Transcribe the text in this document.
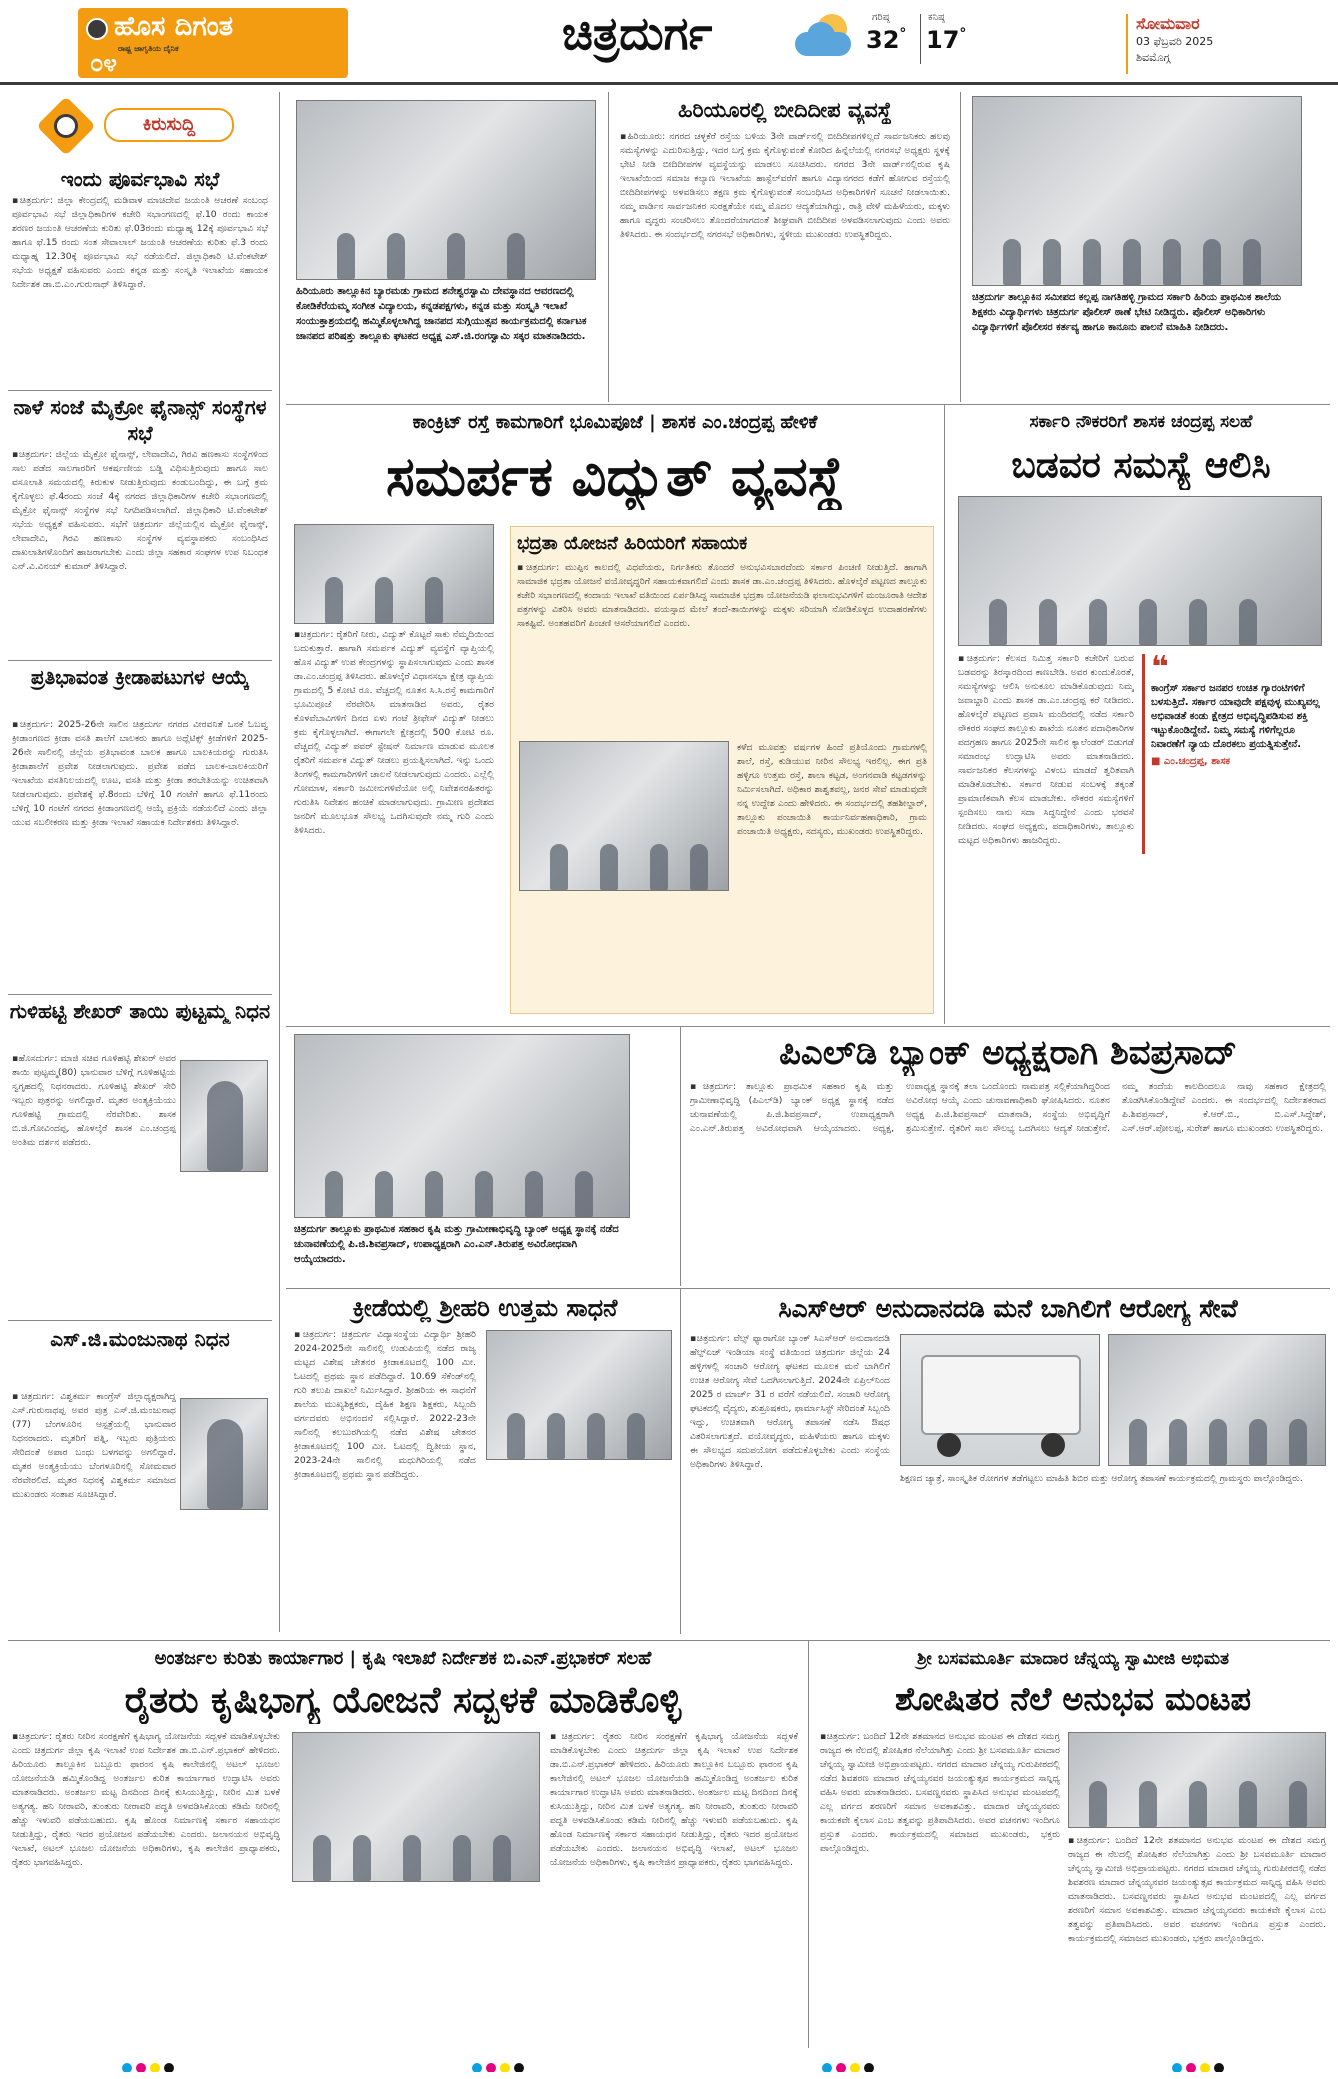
ಹೊಸ ದಿಗಂತ
ರಾಷ್ಟ್ರ ಜಾಗೃತಿಯ ದೈನಿಕ
೦೪
ಚಿತ್ರದುರ್ಗ	ಗರಿಷ್ಠ
32°
ಕನಿಷ್ಠ
17°
ಸೋಮವಾರ
03 ಫೆಬ್ರವರಿ 2025
ಶಿವಮೊಗ್ಗ
ಕಿರುಸುದ್ದಿ
ಇಂದು ಪೂರ್ವಭಾವಿ ಸಭೆ
▪ಚಿತ್ರದುರ್ಗ: ಜಿಲ್ಲಾ ಕೇಂದ್ರದಲ್ಲಿ ಮಡಿವಾಳ ಮಾಚಿದೇವ ಜಯಂತಿ ಆಚರಣೆ ಸಂಬಂಧ ಪೂರ್ವಭಾವಿ ಸಭೆ ಜಿಲ್ಲಾಧಿಕಾರಿಗಳ ಕಚೇರಿ ಸಭಾಂಗಣದಲ್ಲಿ ಫೆ.10 ರಂದು ಕಾಯಕ ಶರಣರ ಜಯಂತಿ ಆಚರಣೆಯ ಕುರಿತು ಫೆ.03ರಂದು ಮಧ್ಯಾಹ್ನ 12ಕ್ಕೆ ಪೂರ್ವಭಾವಿ ಸಭೆ ಹಾಗೂ ಫೆ.15 ರಂದು ಸಂತ ಸೇವಾಲಾಲ್ ಜಯಂತಿ ಆಚರಣೆಯ ಕುರಿತು ಫೆ.3 ರಂದು ಮಧ್ಯಾಹ್ನ 12.30ಕ್ಕೆ ಪೂರ್ವಭಾವಿ ಸಭೆ ನಡೆಯಲಿದೆ. ಜಿಲ್ಲಾಧಿಕಾರಿ ಟಿ.ವೆಂಕಟೇಶ್ ಸಭೆಯ ಅಧ್ಯಕ್ಷತೆ ವಹಿಸುವರು ಎಂದು ಕನ್ನಡ ಮತ್ತು ಸಂಸ್ಕೃತಿ ಇಲಾಖೆಯ ಸಹಾಯಕ ನಿರ್ದೇಶಕ ಡಾ.ಬಿ.ಎಂ.ಗುರುನಾಥ್ ತಿಳಿಸಿದ್ದಾರೆ.
ನಾಳೆ ಸಂಜೆ ಮೈಕ್ರೋ ಫೈನಾನ್ಸ್ ಸಂಸ್ಥೆಗಳ ಸಭೆ
▪ಚಿತ್ರದುರ್ಗ: ಜಿಲ್ಲೆಯ ಮೈಕ್ರೋ ಫೈನಾನ್ಸ್, ಲೇವಾದೇವಿ, ಗಿರವಿ ಹಣಕಾಸು ಸಂಸ್ಥೆಗಳಿಂದ ಸಾಲ ಪಡೆದ ಸಾಲಗಾರರಿಗೆ ಆಕರ್ಷಣೀಯ ಬಡ್ಡಿ ವಿಧಿಸುತ್ತಿರುವುದು ಹಾಗೂ ಸಾಲ ವಸೂಲಾತಿ ಸಮಯದಲ್ಲಿ ಕಿರುಕುಳ ನೀಡುತ್ತಿರುವುದು ಕಂಡುಬಂದಿದ್ದು, ಈ ಬಗ್ಗೆ ಕ್ರಮ ಕೈಗೊಳ್ಳಲು ಫೆ.4ರಂದು ಸಂಜೆ 4ಕ್ಕೆ ನಗರದ ಜಿಲ್ಲಾಧಿಕಾರಿಗಳ ಕಚೇರಿ ಸಭಾಂಗಣದಲ್ಲಿ ಮೈಕ್ರೋ ಫೈನಾನ್ಸ್ ಸಂಸ್ಥೆಗಳ ಸಭೆ ನಿಗದಿಪಡಿಸಲಾಗಿದೆ. ಜಿಲ್ಲಾಧಿಕಾರಿ ಟಿ.ವೆಂಕಟೇಶ್ ಸಭೆಯ ಅಧ್ಯಕ್ಷತೆ ವಹಿಸುವರು. ಸಭೆಗೆ ಚಿತ್ರದುರ್ಗ ಜಿಲ್ಲೆಯಲ್ಲಿನ ಮೈಕ್ರೋ ಫೈನಾನ್ಸ್, ಲೇವಾದೇವಿ, ಗಿರವಿ ಹಣಕಾಸು ಸಂಸ್ಥೆಗಳ ವ್ಯವಸ್ಥಾಪಕರು ಸಂಬಂಧಿಸಿದ ದಾಖಲಾತಿಗಳೊಂದಿಗೆ ಹಾಜರಾಗಬೇಕು ಎಂದು ಜಿಲ್ಲಾ ಸಹಕಾರ ಸಂಘಗಳ ಉಪ ನಿಬಂಧಕ ಎನ್.ವಿ.ವಿನಯ್ ಕುಮಾರ್ ತಿಳಿಸಿದ್ದಾರೆ.
ಪ್ರತಿಭಾವಂತ ಕ್ರೀಡಾಪಟುಗಳ ಆಯ್ಕೆ
▪ಚಿತ್ರದುರ್ಗ: 2025-26ನೇ ಸಾಲಿನ ಚಿತ್ರದುರ್ಗ ನಗರದ ವೀರವನಿತೆ ಒನಕೆ ಓಬವ್ವ ಕ್ರೀಡಾಂಗಣದ ಕ್ರೀಡಾ ವಸತಿ ಶಾಲೆಗೆ ಬಾಲಕರು ಹಾಗೂ ಅಥ್ಲೆಟಿಕ್ಸ್ ಕ್ರೀಡೆಗಳಿಗೆ 2025-26ನೇ ಸಾಲಿನಲ್ಲಿ ಜಿಲ್ಲೆಯ ಪ್ರತಿಭಾವಂತ ಬಾಲಕ ಹಾಗೂ ಬಾಲಕಿಯರನ್ನು ಗುರುತಿಸಿ ಕ್ರೀಡಾಶಾಲೆಗೆ ಪ್ರವೇಶ ನೀಡಲಾಗುವುದು. ಪ್ರವೇಶ ಪಡೆದ ಬಾಲಕ-ಬಾಲಕಿಯರಿಗೆ ಇಲಾಖೆಯ ವಸತಿನಿಲಯದಲ್ಲಿ ಊಟ, ವಸತಿ ಮತ್ತು ಕ್ರೀಡಾ ತರಬೇತಿಯನ್ನು ಉಚಿತವಾಗಿ ನೀಡಲಾಗುವುದು. ಪ್ರವೇಶಕ್ಕೆ ಫೆ.8ರಂದು ಬೆಳಿಗ್ಗೆ 10 ಗಂಟೆಗೆ ಹಾಗೂ ಫೆ.11ರಂದು ಬೆಳಿಗ್ಗೆ 10 ಗಂಟೆಗೆ ನಗರದ ಕ್ರೀಡಾಂಗಣದಲ್ಲಿ ಆಯ್ಕೆ ಪ್ರಕ್ರಿಯೆ ನಡೆಯಲಿದೆ ಎಂದು ಜಿಲ್ಲಾ ಯುವ ಸಬಲೀಕರಣ ಮತ್ತು ಕ್ರೀಡಾ ಇಲಾಖೆ ಸಹಾಯಕ ನಿರ್ದೇಶಕರು ತಿಳಿಸಿದ್ದಾರೆ.
ಗುಳಿಹಟ್ಟಿ ಶೇಖರ್ ತಾಯಿ ಪುಟ್ಟಮ್ಮ ನಿಧನ
▪ಹೊಸದುರ್ಗ: ಮಾಜಿ ಸಚಿವ ಗೂಳಿಹಟ್ಟಿ ಶೇಖರ್ ಅವರ ತಾಯಿ ಪುಟ್ಟಮ್ಮ(80) ಭಾನುವಾರ ಬೆಳಿಗ್ಗೆ ಗೂಳಿಹಟ್ಟಿಯ ಸ್ವಗೃಹದಲ್ಲಿ ನಿಧನರಾದರು. ಗೂಳಿಹಟ್ಟಿ ಶೇಖರ್ ಸೇರಿ ಇಬ್ಬರು ಪುತ್ರರನ್ನು ಅಗಲಿದ್ದಾರೆ. ಮೃತರ ಅಂತ್ಯಕ್ರಿಯೆಯು ಗೂಳಿಹಟ್ಟಿ ಗ್ರಾಮದಲ್ಲಿ ನೆರವೇರಿತು. ಶಾಸಕ ಬಿ.ಜಿ.ಗೋವಿಂದಪ್ಪ, ಹೊಳಲ್ಕೆರೆ ಶಾಸಕ ಎಂ.ಚಂದ್ರಪ್ಪ ಅಂತಿಮ ದರ್ಶನ ಪಡೆದರು.
ಎಸ್.ಜಿ.ಮಂಜುನಾಥ ನಿಧನ
▪ಚಿತ್ರದುರ್ಗ: ವಿಶ್ವಕರ್ಮ ಕಾಂಗ್ರೆಸ್ ಜಿಲ್ಲಾಧ್ಯಕ್ಷರಾಗಿದ್ದ ಎಸ್.ಗುರುನಾಥಪ್ಪ ಅವರ ಪುತ್ರ ಎಸ್.ಜಿ.ಮಂಜುನಾಥ (77) ಬೆಂಗಳೂರಿನ ಆಸ್ಪತ್ರೆಯಲ್ಲಿ ಭಾನುವಾರ ನಿಧನರಾದರು. ಮೃತರಿಗೆ ಪತ್ನಿ, ಇಬ್ಬರು ಪುತ್ರಿಯರು ಸೇರಿದಂತೆ ಅಪಾರ ಬಂಧು ಬಳಗವನ್ನು ಅಗಲಿದ್ದಾರೆ. ಮೃತರ ಅಂತ್ಯಕ್ರಿಯೆಯು ಬೆಂಗಳೂರಿನಲ್ಲಿ ಸೋಮವಾರ ನೆರವೇರಲಿದೆ. ಮೃತರ ನಿಧನಕ್ಕೆ ವಿಶ್ವಕರ್ಮ ಸಮಾಜದ ಮುಖಂಡರು ಸಂತಾಪ ಸೂಚಿಸಿದ್ದಾರೆ.
ಹಿರಿಯೂರು ತಾಲ್ಲೂಕಿನ ಬ್ಯಾರಮಡು ಗ್ರಾಮದ ಶನೇಶ್ವರಸ್ವಾಮಿ ದೇವಸ್ಥಾನದ ಆವರಣದಲ್ಲಿ ಕೋಡಿಕೆರೆಯಮ್ಮ ಸಂಗೀತ ವಿದ್ಯಾಲಯ, ಕನ್ನಡಪಕ್ಷಗಳು, ಕನ್ನಡ ಮತ್ತು ಸಂಸ್ಕೃತಿ ಇಲಾಖೆ ಸಂಯುಕ್ತಾಶ್ರಯದಲ್ಲಿ ಹಮ್ಮಿಕೊಳ್ಳಲಾಗಿದ್ದ ಜಾನಪದ ಸುಗ್ಗಿಯುತ್ಸವ ಕಾರ್ಯಕ್ರಮದಲ್ಲಿ ಕರ್ನಾಟಕ ಜಾನಪದ ಪರಿಷತ್ತು ತಾಲ್ಲೂಕು ಘಟಕದ ಅಧ್ಯಕ್ಷ ಎಸ್.ಜಿ.ರಂಗಸ್ವಾಮಿ ಸಕ್ಕರ ಮಾತನಾಡಿದರು.
ಹಿರಿಯೂರಲ್ಲಿ ಬೀದಿದೀಪ ವ್ಯವಸ್ಥೆ
▪ಹಿರಿಯೂರು: ನಗರದ ಚಳ್ಳಕೆರೆ ರಸ್ತೆಯ ಬಳಿಯ 3ನೇ ವಾರ್ಡ್‌ನಲ್ಲಿ ಬೀದಿದೀಪಗಳಿಲ್ಲದೆ ಸಾರ್ವಜನಿಕರು ಹಲವು ಸಮಸ್ಯೆಗಳನ್ನು ಎದುರಿಸುತ್ತಿದ್ದು, ಇದರ ಬಗ್ಗೆ ಕ್ರಮ ಕೈಗೊಳ್ಳುವಂತೆ ಕೋರಿದ ಹಿನ್ನೆಲೆಯಲ್ಲಿ ನಗರಸಭೆ ಅಧ್ಯಕ್ಷರು ಸ್ಥಳಕ್ಕೆ ಭೇಟಿ ನೀಡಿ ಬೀದಿದೀಪಗಳ ವ್ಯವಸ್ಥೆಯನ್ನು ಮಾಡಲು ಸೂಚಿಸಿದರು. ನಗರದ 3ನೇ ವಾರ್ಡ್‌ನಲ್ಲಿರುವ ಕೃಷಿ ಇಲಾಖೆಯಿಂದ ಸಮಾಜ ಕಲ್ಯಾಣ ಇಲಾಖೆಯ ಹಾಸ್ಟೆಲ್‌ವರೆಗೆ ಹಾಗೂ ವಿದ್ಯಾನಗರದ ಕಡೆಗೆ ಹೋಗುವ ರಸ್ತೆಯಲ್ಲಿ ಬೀದಿದೀಪಗಳನ್ನು ಅಳವಡಿಸಲು ತಕ್ಷಣ ಕ್ರಮ ಕೈಗೊಳ್ಳುವಂತೆ ಸಂಬಂಧಿಸಿದ ಅಧಿಕಾರಿಗಳಿಗೆ ಸೂಚನೆ ನೀಡಲಾಯಿತು. ನಮ್ಮ ವಾರ್ಡಿನ ಸಾರ್ವಜನಿಕರ ಸುರಕ್ಷತೆಯೇ ನಮ್ಮ ಮೊದಲ ಆದ್ಯತೆಯಾಗಿದ್ದು, ರಾತ್ರಿ ವೇಳೆ ಮಹಿಳೆಯರು, ಮಕ್ಕಳು ಹಾಗೂ ವೃದ್ಧರು ಸಂಚರಿಸಲು ತೊಂದರೆಯಾಗದಂತೆ ಶೀಘ್ರವಾಗಿ ಬೀದಿದೀಪ ಅಳವಡಿಸಲಾಗುವುದು ಎಂದು ಅವರು ತಿಳಿಸಿದರು. ಈ ಸಂದರ್ಭದಲ್ಲಿ ನಗರಸಭೆ ಅಧಿಕಾರಿಗಳು, ಸ್ಥಳೀಯ ಮುಖಂಡರು ಉಪಸ್ಥಿತರಿದ್ದರು.
ಚಿತ್ರದುರ್ಗ ತಾಲ್ಲೂಕಿನ ಸಮೀಪದ ಕಲ್ಲಪ್ಪ ನಾಗತಿಹಳ್ಳಿ ಗ್ರಾಮದ ಸರ್ಕಾರಿ ಹಿರಿಯ ಪ್ರಾಥಮಿಕ ಶಾಲೆಯ ಶಿಕ್ಷಕರು ವಿದ್ಯಾರ್ಥಿಗಳು ಚಿತ್ರದುರ್ಗ ಪೊಲೀಸ್ ಠಾಣೆ ಭೇಟಿ ನೀಡಿದ್ದರು. ಪೊಲೀಸ್ ಅಧಿಕಾರಿಗಳು ವಿದ್ಯಾರ್ಥಿಗಳಿಗೆ ಪೊಲೀಸರ ಕರ್ತವ್ಯ ಹಾಗೂ ಕಾನೂನು ಪಾಲನೆ ಮಾಹಿತಿ ನೀಡಿದರು.
ಕಾಂಕ್ರಿಟ್ ರಸ್ತೆ ಕಾಮಗಾರಿಗೆ ಭೂಮಿಪೂಜೆ | ಶಾಸಕ ಎಂ.ಚಂದ್ರಪ್ಪ ಹೇಳಿಕೆ
ಸಮರ್ಪಕ ವಿದ್ಯುತ್ ವ್ಯವಸ್ಥೆ
▪ಚಿತ್ರದುರ್ಗ: ರೈತರಿಗೆ ನೀರು, ವಿದ್ಯುತ್ ಕೊಟ್ಟರೆ ಸಾಕು ನೆಮ್ಮದಿಯಿಂದ ಬದುಕುತ್ತಾರೆ. ಹಾಗಾಗಿ ಸಮರ್ಪಕ ವಿದ್ಯುತ್ ವ್ಯವಸ್ಥೆಗೆ ವ್ಯಾಪ್ತಿಯಲ್ಲಿ ಹೊಸ ವಿದ್ಯುತ್ ಉಪ ಕೇಂದ್ರಗಳನ್ನು ಸ್ಥಾಪಿಸಲಾಗುವುದು ಎಂದು ಶಾಸಕ ಡಾ.ಎಂ.ಚಂದ್ರಪ್ಪ ತಿಳಿಸಿದರು. ಹೊಳಲ್ಕೆರೆ ವಿಧಾನಸಭಾ ಕ್ಷೇತ್ರ ವ್ಯಾಪ್ತಿಯ ಗ್ರಾಮದಲ್ಲಿ 5 ಕೋಟಿ ರೂ. ವೆಚ್ಚದಲ್ಲಿ ನೂತನ ಸಿ.ಸಿ.ರಸ್ತೆ ಕಾಮಗಾರಿಗೆ ಭೂಮಿಪೂಜೆ ನೆರವೇರಿಸಿ ಮಾತನಾಡಿದ ಅವರು, ರೈತರ ಕೊಳವೆಬಾವಿಗಳಿಗೆ ದಿನದ ಏಳು ಗಂಟೆ ತ್ರೀಫೇಸ್ ವಿದ್ಯುತ್ ನೀಡಲು ಕ್ರಮ ಕೈಗೊಳ್ಳಲಾಗಿದೆ. ಈಗಾಗಲೇ ಕ್ಷೇತ್ರದಲ್ಲಿ 500 ಕೋಟಿ ರೂ. ವೆಚ್ಚದಲ್ಲಿ ವಿದ್ಯುತ್ ಪವರ್ ಸ್ಟೇಷನ್ ನಿರ್ಮಾಣ ಮಾಡುವ ಮೂಲಕ ರೈತರಿಗೆ ಸಮರ್ಪಕ ವಿದ್ಯುತ್ ನೀಡಲು ಪ್ರಯತ್ನಿಸಲಾಗಿದೆ. ಇನ್ನು ಒಂದು ತಿಂಗಳಲ್ಲಿ ಕಾಮಗಾರಿಗಳಿಗೆ ಚಾಲನೆ ನೀಡಲಾಗುವುದು ಎಂದರು. ಎಲ್ಲೆಲ್ಲಿ ಗೋಮಾಳ, ಸರ್ಕಾರಿ ಜಮೀನುಗಳಿವೆಯೋ ಅಲ್ಲಿ ನಿವೇಶನರಹಿತರನ್ನು ಗುರುತಿಸಿ ನಿವೇಶನ ಹಂಚಿಕೆ ಮಾಡಲಾಗುವುದು. ಗ್ರಾಮೀಣ ಪ್ರದೇಶದ ಜನರಿಗೆ ಮೂಲಭೂತ ಸೌಲಭ್ಯ ಒದಗಿಸುವುದೇ ನಮ್ಮ ಗುರಿ ಎಂದು ತಿಳಿಸಿದರು.
ಭದ್ರತಾ ಯೋಜನೆ ಹಿರಿಯರಿಗೆ ಸಹಾಯಕ
▪ಚಿತ್ರದುರ್ಗ: ಮುಪ್ಪಿನ ಕಾಲದಲ್ಲಿ ವಿಧವೆಯರು, ನಿರ್ಗತಿಕರು ತೊಂದರೆ ಅನುಭವಿಸಬಾರದೆಂದು ಸರ್ಕಾರ ಪಿಂಚಣಿ ನೀಡುತ್ತಿದೆ. ಹಾಗಾಗಿ ಸಾಮಾಜಿಕ ಭದ್ರತಾ ಯೋಜನೆ ವಯೋವೃದ್ಧರಿಗೆ ಸಹಾಯಕವಾಗಲಿದೆ ಎಂದು ಶಾಸಕ ಡಾ.ಎಂ.ಚಂದ್ರಪ್ಪ ತಿಳಿಸಿದರು. ಹೊಳಲ್ಕೆರೆ ಪಟ್ಟಣದ ತಾಲ್ಲೂಕು ಕಚೇರಿ ಸಭಾಂಗಣದಲ್ಲಿ ಕಂದಾಯ ಇಲಾಖೆ ವತಿಯಿಂದ ಏರ್ಪಡಿಸಿದ್ದ ಸಾಮಾಜಿಕ ಭದ್ರತಾ ಯೋಜನೆಯಡಿ ಫಲಾನುಭವಿಗಳಿಗೆ ಮಂಜೂರಾತಿ ಆದೇಶ ಪತ್ರಗಳನ್ನು ವಿತರಿಸಿ ಅವರು ಮಾತನಾಡಿದರು. ವಯಸ್ಸಾದ ಮೇಲೆ ತಂದೆ-ತಾಯಿಗಳನ್ನು ಮಕ್ಕಳು ಸರಿಯಾಗಿ ನೋಡಿಕೊಳ್ಳದ ಉದಾಹರಣೆಗಳು ಸಾಕಷ್ಟಿವೆ. ಅಂತಹವರಿಗೆ ಪಿಂಚಣಿ ಆಸರೆಯಾಗಲಿದೆ ಎಂದರು.
ಕಳೆದ ಮೂವತ್ತು ವರ್ಷಗಳ ಹಿಂದೆ ಪ್ರತಿಯೊಂದು ಗ್ರಾಮಗಳಲ್ಲಿ ಶಾಲೆ, ರಸ್ತೆ, ಕುಡಿಯುವ ನೀರಿನ ಸೌಲಭ್ಯ ಇರಲಿಲ್ಲ. ಈಗ ಪ್ರತಿ ಹಳ್ಳಿಗೂ ಉತ್ತಮ ರಸ್ತೆ, ಶಾಲಾ ಕಟ್ಟಡ, ಅಂಗನವಾಡಿ ಕಟ್ಟಡಗಳನ್ನು ನಿರ್ಮಿಸಲಾಗಿದೆ. ಅಧಿಕಾರ ಶಾಶ್ವತವಲ್ಲ, ಜನರ ಸೇವೆ ಮಾಡುವುದೇ ನನ್ನ ಉದ್ದೇಶ ಎಂದು ಹೇಳಿದರು. ಈ ಸಂದರ್ಭದಲ್ಲಿ ತಹಶೀಲ್ದಾರ್, ತಾಲ್ಲೂಕು ಪಂಚಾಯಿತಿ ಕಾರ್ಯನಿರ್ವಹಣಾಧಿಕಾರಿ, ಗ್ರಾಮ ಪಂಚಾಯಿತಿ ಅಧ್ಯಕ್ಷರು, ಸದಸ್ಯರು, ಮುಖಂಡರು ಉಪಸ್ಥಿತರಿದ್ದರು.
ಸರ್ಕಾರಿ ನೌಕರರಿಗೆ ಶಾಸಕ ಚಂದ್ರಪ್ಪ ಸಲಹೆ
ಬಡವರ ಸಮಸ್ಯೆ ಆಲಿಸಿ
▪ಚಿತ್ರದುರ್ಗ: ಕೆಲಸದ ನಿಮಿತ್ತ ಸರ್ಕಾರಿ ಕಚೇರಿಗೆ ಬರುವ ಬಡವರನ್ನು ತಿರಸ್ಕಾರದಿಂದ ಕಾಣಬೇಡಿ. ಅವರ ಕುಂದುಕೊರತೆ, ಸಮಸ್ಯೆಗಳನ್ನು ಆಲಿಸಿ ಅನುಕೂಲ ಮಾಡಿಕೊಡುವುದು ನಿಮ್ಮ ಜವಾಬ್ದಾರಿ ಎಂದು ಶಾಸಕ ಡಾ.ಎಂ.ಚಂದ್ರಪ್ಪ ಕರೆ ನೀಡಿದರು. ಹೊಳಲ್ಕೆರೆ ಪಟ್ಟಣದ ಪ್ರವಾಸಿ ಮಂದಿರದಲ್ಲಿ ನಡೆದ ಸರ್ಕಾರಿ ನೌಕರರ ಸಂಘದ ತಾಲ್ಲೂಕು ಶಾಖೆಯ ನೂತನ ಪದಾಧಿಕಾರಿಗಳ ಪದಗ್ರಹಣ ಹಾಗೂ 2025ನೇ ಸಾಲಿನ ಕ್ಯಾಲೆಂಡರ್ ಬಿಡುಗಡೆ ಸಮಾರಂಭ ಉದ್ಘಾಟಿಸಿ ಅವರು ಮಾತನಾಡಿದರು. ಸಾರ್ವಜನಿಕರ ಕೆಲಸಗಳನ್ನು ವಿಳಂಬ ಮಾಡದೆ ತ್ವರಿತವಾಗಿ ಮಾಡಿಕೊಡಬೇಕು. ಸರ್ಕಾರ ನೀಡುವ ಸಂಬಳಕ್ಕೆ ತಕ್ಕಂತೆ ಪ್ರಾಮಾಣಿಕವಾಗಿ ಕೆಲಸ ಮಾಡಬೇಕು. ನೌಕರರ ಸಮಸ್ಯೆಗಳಿಗೆ ಸ್ಪಂದಿಸಲು ನಾನು ಸದಾ ಸಿದ್ಧನಿದ್ದೇನೆ ಎಂದು ಭರವಸೆ ನೀಡಿದರು. ಸಂಘದ ಅಧ್ಯಕ್ಷರು, ಪದಾಧಿಕಾರಿಗಳು, ತಾಲ್ಲೂಕು ಮಟ್ಟದ ಅಧಿಕಾರಿಗಳು ಹಾಜರಿದ್ದರು.
❝
ಕಾಂಗ್ರೆಸ್ ಸರ್ಕಾರ ಜನಪರ ಉಚಿತ ಗ್ಯಾರಂಟಿಗಳಿಗೆ ಬಳಸುತ್ತಿದೆ. ಸರ್ಕಾರ ಯಾವುದೇ ಪಕ್ಷವುಳ್ಳ ಮುಖ್ಯವಲ್ಲ ಅಭಿವಾಡತೆ ಕಂಡು ಕ್ಷೇತ್ರದ ಅಭಿವೃದ್ಧಿಪಡಿಸುವ ಶಕ್ತಿ ಇಟ್ಟುಕೊಂಡಿದ್ದೇನೆ. ನಿಮ್ಮ ಸಮಸ್ಯೆ ಗಳಿಗೆಲ್ಲರೂ ನಿವಾರಣೆಗೆ ನ್ಯಾಯ ದೊರಕಲು ಪ್ರಯತ್ನಿಸುತ್ತೇನೆ.
■ ಎಂ.ಚಂದ್ರಪ್ಪ, ಶಾಸಕ
ಚಿತ್ರದುರ್ಗ ತಾಲ್ಲೂಕು ಪ್ರಾಥಮಿಕ ಸಹಕಾರ ಕೃಷಿ ಮತ್ತು ಗ್ರಾಮೀಣಾಭಿವೃದ್ಧಿ ಬ್ಯಾಂಕ್ ಅಧ್ಯಕ್ಷ ಸ್ಥಾನಕ್ಕೆ ನಡೆದ ಚುನಾವಣೆಯಲ್ಲಿ ಪಿ.ಜಿ.ಶಿವಪ್ರಸಾದ್, ಉಪಾಧ್ಯಕ್ಷರಾಗಿ ಎಂ.ಎನ್.ತಿರುಪತ್ತ ಅವಿರೋಧವಾಗಿ ಆಯ್ಕೆಯಾದರು.
ಪಿಎಲ್‌ಡಿ ಬ್ಯಾಂಕ್ ಅಧ್ಯಕ್ಷರಾಗಿ ಶಿವಪ್ರಸಾದ್
▪ಚಿತ್ರದುರ್ಗ: ತಾಲ್ಲೂಕು ಪ್ರಾಥಮಿಕ ಸಹಕಾರ ಕೃಷಿ ಮತ್ತು ಗ್ರಾಮೀಣಾಭಿವೃದ್ಧಿ (ಪಿಎಲ್‌ಡಿ) ಬ್ಯಾಂಕ್ ಅಧ್ಯಕ್ಷ ಸ್ಥಾನಕ್ಕೆ ನಡೆದ ಚುನಾವಣೆಯಲ್ಲಿ ಪಿ.ಜಿ.ಶಿವಪ್ರಸಾದ್, ಉಪಾಧ್ಯಕ್ಷರಾಗಿ ಎಂ.ಎನ್.ತಿರುಪತ್ತ ಅವಿರೋಧವಾಗಿ ಆಯ್ಕೆಯಾದರು. ಅಧ್ಯಕ್ಷ, ಉಪಾಧ್ಯಕ್ಷ ಸ್ಥಾನಕ್ಕೆ ತಲಾ ಒಂದೊಂದು ನಾಮಪತ್ರ ಸಲ್ಲಿಕೆಯಾಗಿದ್ದರಿಂದ ಅವಿರೋಧ ಆಯ್ಕೆ ಎಂದು ಚುನಾವಣಾಧಿಕಾರಿ ಘೋಷಿಸಿದರು. ನೂತನ ಅಧ್ಯಕ್ಷ ಪಿ.ಜಿ.ಶಿವಪ್ರಸಾದ್ ಮಾತನಾಡಿ, ಸಂಸ್ಥೆಯ ಅಭಿವೃದ್ಧಿಗೆ ಶ್ರಮಿಸುತ್ತೇನೆ. ರೈತರಿಗೆ ಸಾಲ ಸೌಲಭ್ಯ ಒದಗಿಸಲು ಆದ್ಯತೆ ನೀಡುತ್ತೇನೆ. ನಮ್ಮ ತಂದೆಯ ಕಾಲದಿಂದಲೂ ನಾವು ಸಹಕಾರ ಕ್ಷೇತ್ರದಲ್ಲಿ ತೊಡಗಿಸಿಕೊಂಡಿದ್ದೇವೆ ಎಂದರು. ಈ ಸಂದರ್ಭದಲ್ಲಿ ನಿರ್ದೇಶಕರಾದ ಪಿ.ಶಿವಪ್ರಸಾದ್, ಕೆ.ಆರ್.ಬಿ., ಬಿ.ಎಸ್.ಸಿದ್ದೇಶ್, ಎಸ್.ಆರ್.ಪೋಲಪ್ಪ, ಸುರೇಶ್ ಹಾಗೂ ಮುಖಂಡರು ಉಪಸ್ಥಿತರಿದ್ದರು.
ಕ್ರೀಡೆಯಲ್ಲಿ ಶ್ರೀಹರಿ ಉತ್ತಮ ಸಾಧನೆ
▪ಚಿತ್ರದುರ್ಗ: ಚಿತ್ರದುರ್ಗ ವಿದ್ಯಾಸಂಸ್ಥೆಯ ವಿದ್ಯಾರ್ಥಿ ಶ್ರೀಹರಿ 2024-2025ನೇ ಸಾಲಿನಲ್ಲಿ ಉಡುಪಿಯಲ್ಲಿ ನಡೆದ ರಾಜ್ಯ ಮಟ್ಟದ ವಿಶೇಷ ಚೇತನರ ಕ್ರೀಡಾಕೂಟದಲ್ಲಿ 100 ಮೀ. ಓಟದಲ್ಲಿ ಪ್ರಥಮ ಸ್ಥಾನ ಪಡೆದಿದ್ದಾರೆ. 10.69 ಸೆಕೆಂಡ್‌ನಲ್ಲಿ ಗುರಿ ತಲುಪಿ ದಾಖಲೆ ನಿರ್ಮಿಸಿದ್ದಾರೆ. ಶ್ರೀಹರಿಯ ಈ ಸಾಧನೆಗೆ ಶಾಲೆಯ ಮುಖ್ಯಶಿಕ್ಷಕರು, ದೈಹಿಕ ಶಿಕ್ಷಣ ಶಿಕ್ಷಕರು, ಸಿಬ್ಬಂದಿ ವರ್ಗದವರು ಅಭಿನಂದನೆ ಸಲ್ಲಿಸಿದ್ದಾರೆ. 2022-23ನೇ ಸಾಲಿನಲ್ಲಿ ಕಲಬುರಗಿಯಲ್ಲಿ ನಡೆದ ವಿಶೇಷ ಚೇತನರ ಕ್ರೀಡಾಕೂಟದಲ್ಲಿ 100 ಮೀ. ಓಟದಲ್ಲಿ ದ್ವಿತೀಯ ಸ್ಥಾನ, 2023-24ನೇ ಸಾಲಿನಲ್ಲಿ ಮಧುಗಿರಿಯಲ್ಲಿ ನಡೆದ ಕ್ರೀಡಾಕೂಟದಲ್ಲಿ ಪ್ರಥಮ ಸ್ಥಾನ ಪಡೆದಿದ್ದರು.
ಸಿಎಸ್‌ಆರ್ ಅನುದಾನದಡಿ ಮನೆ ಬಾಗಿಲಿಗೆ ಆರೋಗ್ಯ ಸೇವೆ
▪ಚಿತ್ರದುರ್ಗ: ವೆಲ್ಸ್ ಫ್ಯಾರಾಗೋ ಬ್ಯಾಂಕ್ ಸಿಎಸ್‌ಆರ್ ಅನುದಾನದಡಿ ಹೆಲ್ಪ್‌ಏಜ್ ಇಂಡಿಯಾ ಸಂಸ್ಥೆ ವತಿಯಿಂದ ಚಿತ್ರದುರ್ಗ ಜಿಲ್ಲೆಯ 24 ಹಳ್ಳಿಗಳಲ್ಲಿ ಸಂಚಾರಿ ಆರೋಗ್ಯ ಘಟಕದ ಮೂಲಕ ಮನೆ ಬಾಗಿಲಿಗೆ ಉಚಿತ ಆರೋಗ್ಯ ಸೇವೆ ಒದಗಿಸಲಾಗುತ್ತಿದೆ. 2024ನೇ ಏಪ್ರಿಲ್‌ನಿಂದ 2025 ರ ಮಾರ್ಚ್ 31 ರ ವರೆಗೆ ನಡೆಯಲಿದೆ. ಸಂಚಾರಿ ಆರೋಗ್ಯ ಘಟಕದಲ್ಲಿ ವೈದ್ಯರು, ಶುಶ್ರೂಷಕರು, ಫಾರ್ಮಾಸಿಸ್ಟ್ ಸೇರಿದಂತೆ ಸಿಬ್ಬಂದಿ ಇದ್ದು, ಉಚಿತವಾಗಿ ಆರೋಗ್ಯ ತಪಾಸಣೆ ನಡೆಸಿ ಔಷಧ ವಿತರಿಸಲಾಗುತ್ತದೆ. ವಯೋವೃದ್ಧರು, ಮಹಿಳೆಯರು ಹಾಗೂ ಮಕ್ಕಳು ಈ ಸೌಲಭ್ಯದ ಸದುಪಯೋಗ ಪಡೆದುಕೊಳ್ಳಬೇಕು ಎಂದು ಸಂಸ್ಥೆಯ ಅಧಿಕಾರಿಗಳು ತಿಳಿಸಿದ್ದಾರೆ.
ಶಿಕ್ಷಣದ ಜ್ಯಾತ್ರೆ, ಸಾಂಸ್ಕೃತಿಕ ರೋಗಗಳ ತಡೆಗಟ್ಟಲು ಮಾಹಿತಿ ಶಿಬಿರ ಮತ್ತು ಆರೋಗ್ಯ ತಪಾಸಣೆ ಕಾರ್ಯಕ್ರಮದಲ್ಲಿ ಗ್ರಾಮಸ್ಥರು ಪಾಲ್ಗೊಂಡಿದ್ದರು.
ಅಂತರ್ಜಲ ಕುರಿತು ಕಾರ್ಯಾಗಾರ | ಕೃಷಿ ಇಲಾಖೆ ನಿರ್ದೇಶಕ ಬಿ.ಎನ್.ಪ್ರಭಾಕರ್ ಸಲಹೆ
ರೈತರು ಕೃಷಿಭಾಗ್ಯ ಯೋಜನೆ ಸದ್ಬಳಕೆ ಮಾಡಿಕೊಳ್ಳಿ
▪ಚಿತ್ರದುರ್ಗ: ರೈತರು ನೀರಿನ ಸಂರಕ್ಷಣೆಗೆ ಕೃಷಿಭಾಗ್ಯ ಯೋಜನೆಯ ಸದ್ಬಳಕೆ ಮಾಡಿಕೊಳ್ಳಬೇಕು ಎಂದು ಚಿತ್ರದುರ್ಗ ಜಿಲ್ಲಾ ಕೃಷಿ ಇಲಾಖೆ ಉಪ ನಿರ್ದೇಶಕ ಡಾ.ಬಿ.ಎನ್.ಪ್ರಭಾಕರ್ ಹೇಳಿದರು. ಹಿರಿಯೂರು ತಾಲ್ಲೂಕಿನ ಬಬ್ಬೂರು ಫಾರಂನ ಕೃಷಿ ಕಾಲೇಜಿನಲ್ಲಿ ಅಟಲ್ ಭೂಜಲ ಯೋಜನೆಯಡಿ ಹಮ್ಮಿಕೊಂಡಿದ್ದ ಅಂತರ್ಜಲ ಕುರಿತ ಕಾರ್ಯಾಗಾರ ಉದ್ಘಾಟಿಸಿ ಅವರು ಮಾತನಾಡಿದರು. ಅಂತರ್ಜಲ ಮಟ್ಟ ದಿನದಿಂದ ದಿನಕ್ಕೆ ಕುಸಿಯುತ್ತಿದ್ದು, ನೀರಿನ ಮಿತ ಬಳಕೆ ಅತ್ಯಗತ್ಯ. ಹನಿ ನೀರಾವರಿ, ತುಂತುರು ನೀರಾವರಿ ಪದ್ಧತಿ ಅಳವಡಿಸಿಕೊಂಡು ಕಡಿಮೆ ನೀರಿನಲ್ಲಿ ಹೆಚ್ಚು ಇಳುವರಿ ಪಡೆಯಬಹುದು. ಕೃಷಿ ಹೊಂಡ ನಿರ್ಮಾಣಕ್ಕೆ ಸರ್ಕಾರ ಸಹಾಯಧನ ನೀಡುತ್ತಿದ್ದು, ರೈತರು ಇದರ ಪ್ರಯೋಜನ ಪಡೆಯಬೇಕು ಎಂದರು. ಜಲಾನಯನ ಅಭಿವೃದ್ಧಿ ಇಲಾಖೆ, ಅಟಲ್ ಭೂಜಲ ಯೋಜನೆಯ ಅಧಿಕಾರಿಗಳು, ಕೃಷಿ ಕಾಲೇಜಿನ ಪ್ರಾಧ್ಯಾಪಕರು, ರೈತರು ಭಾಗವಹಿಸಿದ್ದರು.
▪ಚಿತ್ರದುರ್ಗ: ರೈತರು ನೀರಿನ ಸಂರಕ್ಷಣೆಗೆ ಕೃಷಿಭಾಗ್ಯ ಯೋಜನೆಯ ಸದ್ಬಳಕೆ ಮಾಡಿಕೊಳ್ಳಬೇಕು ಎಂದು ಚಿತ್ರದುರ್ಗ ಜಿಲ್ಲಾ ಕೃಷಿ ಇಲಾಖೆ ಉಪ ನಿರ್ದೇಶಕ ಡಾ.ಬಿ.ಎನ್.ಪ್ರಭಾಕರ್ ಹೇಳಿದರು. ಹಿರಿಯೂರು ತಾಲ್ಲೂಕಿನ ಬಬ್ಬೂರು ಫಾರಂನ ಕೃಷಿ ಕಾಲೇಜಿನಲ್ಲಿ ಅಟಲ್ ಭೂಜಲ ಯೋಜನೆಯಡಿ ಹಮ್ಮಿಕೊಂಡಿದ್ದ ಅಂತರ್ಜಲ ಕುರಿತ ಕಾರ್ಯಾಗಾರ ಉದ್ಘಾಟಿಸಿ ಅವರು ಮಾತನಾಡಿದರು. ಅಂತರ್ಜಲ ಮಟ್ಟ ದಿನದಿಂದ ದಿನಕ್ಕೆ ಕುಸಿಯುತ್ತಿದ್ದು, ನೀರಿನ ಮಿತ ಬಳಕೆ ಅತ್ಯಗತ್ಯ. ಹನಿ ನೀರಾವರಿ, ತುಂತುರು ನೀರಾವರಿ ಪದ್ಧತಿ ಅಳವಡಿಸಿಕೊಂಡು ಕಡಿಮೆ ನೀರಿನಲ್ಲಿ ಹೆಚ್ಚು ಇಳುವರಿ ಪಡೆಯಬಹುದು. ಕೃಷಿ ಹೊಂಡ ನಿರ್ಮಾಣಕ್ಕೆ ಸರ್ಕಾರ ಸಹಾಯಧನ ನೀಡುತ್ತಿದ್ದು, ರೈತರು ಇದರ ಪ್ರಯೋಜನ ಪಡೆಯಬೇಕು ಎಂದರು. ಜಲಾನಯನ ಅಭಿವೃದ್ಧಿ ಇಲಾಖೆ, ಅಟಲ್ ಭೂಜಲ ಯೋಜನೆಯ ಅಧಿಕಾರಿಗಳು, ಕೃಷಿ ಕಾಲೇಜಿನ ಪ್ರಾಧ್ಯಾಪಕರು, ರೈತರು ಭಾಗವಹಿಸಿದ್ದರು.
ಶ್ರೀ ಬಸವಮೂರ್ತಿ ಮಾದಾರ ಚೆನ್ನಯ್ಯ ಸ್ವಾಮೀಜಿ ಅಭಿಮತ
ಶೋಷಿತರ ನೆಲೆ ಅನುಭವ ಮಂಟಪ
▪ಚಿತ್ರದುರ್ಗ: ಬಂದಿದೆ 12ನೇ ಶತಮಾನದ ಅನುಭವ ಮಂಟಪ ಈ ದೇಶದ ಸಮಗ್ರ ರಾಜ್ಯದ ಈ ನೆಲದಲ್ಲಿ ಶೋಷಿತರ ನೆಲೆಯಾಗಿತ್ತು ಎಂದು ಶ್ರೀ ಬಸವಮೂರ್ತಿ ಮಾದಾರ ಚೆನ್ನಯ್ಯ ಸ್ವಾಮೀಜಿ ಅಭಿಪ್ರಾಯಪಟ್ಟರು. ನಗರದ ಮಾದಾರ ಚೆನ್ನಯ್ಯ ಗುರುಪೀಠದಲ್ಲಿ ನಡೆದ ಶಿವಶರಣ ಮಾದಾರ ಚೆನ್ನಯ್ಯನವರ ಜಯಂತ್ಯುತ್ಸವ ಕಾರ್ಯಕ್ರಮದ ಸಾನ್ನಿಧ್ಯ ವಹಿಸಿ ಅವರು ಮಾತನಾಡಿದರು. ಬಸವಣ್ಣನವರು ಸ್ಥಾಪಿಸಿದ ಅನುಭವ ಮಂಟಪದಲ್ಲಿ ಎಲ್ಲ ವರ್ಗದ ಶರಣರಿಗೆ ಸಮಾನ ಅವಕಾಶವಿತ್ತು. ಮಾದಾರ ಚೆನ್ನಯ್ಯನವರು ಕಾಯಕವೇ ಕೈಲಾಸ ಎಂಬ ತತ್ವವನ್ನು ಪ್ರತಿಪಾದಿಸಿದರು. ಅವರ ವಚನಗಳು ಇಂದಿಗೂ ಪ್ರಸ್ತುತ ಎಂದರು. ಕಾರ್ಯಕ್ರಮದಲ್ಲಿ ಸಮಾಜದ ಮುಖಂಡರು, ಭಕ್ತರು ಪಾಲ್ಗೊಂಡಿದ್ದರು.
▪ಚಿತ್ರದುರ್ಗ: ಬಂದಿದೆ 12ನೇ ಶತಮಾನದ ಅನುಭವ ಮಂಟಪ ಈ ದೇಶದ ಸಮಗ್ರ ರಾಜ್ಯದ ಈ ನೆಲದಲ್ಲಿ ಶೋಷಿತರ ನೆಲೆಯಾಗಿತ್ತು ಎಂದು ಶ್ರೀ ಬಸವಮೂರ್ತಿ ಮಾದಾರ ಚೆನ್ನಯ್ಯ ಸ್ವಾಮೀಜಿ ಅಭಿಪ್ರಾಯಪಟ್ಟರು. ನಗರದ ಮಾದಾರ ಚೆನ್ನಯ್ಯ ಗುರುಪೀಠದಲ್ಲಿ ನಡೆದ ಶಿವಶರಣ ಮಾದಾರ ಚೆನ್ನಯ್ಯನವರ ಜಯಂತ್ಯುತ್ಸವ ಕಾರ್ಯಕ್ರಮದ ಸಾನ್ನಿಧ್ಯ ವಹಿಸಿ ಅವರು ಮಾತನಾಡಿದರು. ಬಸವಣ್ಣನವರು ಸ್ಥಾಪಿಸಿದ ಅನುಭವ ಮಂಟಪದಲ್ಲಿ ಎಲ್ಲ ವರ್ಗದ ಶರಣರಿಗೆ ಸಮಾನ ಅವಕಾಶವಿತ್ತು. ಮಾದಾರ ಚೆನ್ನಯ್ಯನವರು ಕಾಯಕವೇ ಕೈಲಾಸ ಎಂಬ ತತ್ವವನ್ನು ಪ್ರತಿಪಾದಿಸಿದರು. ಅವರ ವಚನಗಳು ಇಂದಿಗೂ ಪ್ರಸ್ತುತ ಎಂದರು. ಕಾರ್ಯಕ್ರಮದಲ್ಲಿ ಸಮಾಜದ ಮುಖಂಡರು, ಭಕ್ತರು ಪಾಲ್ಗೊಂಡಿದ್ದರು.
